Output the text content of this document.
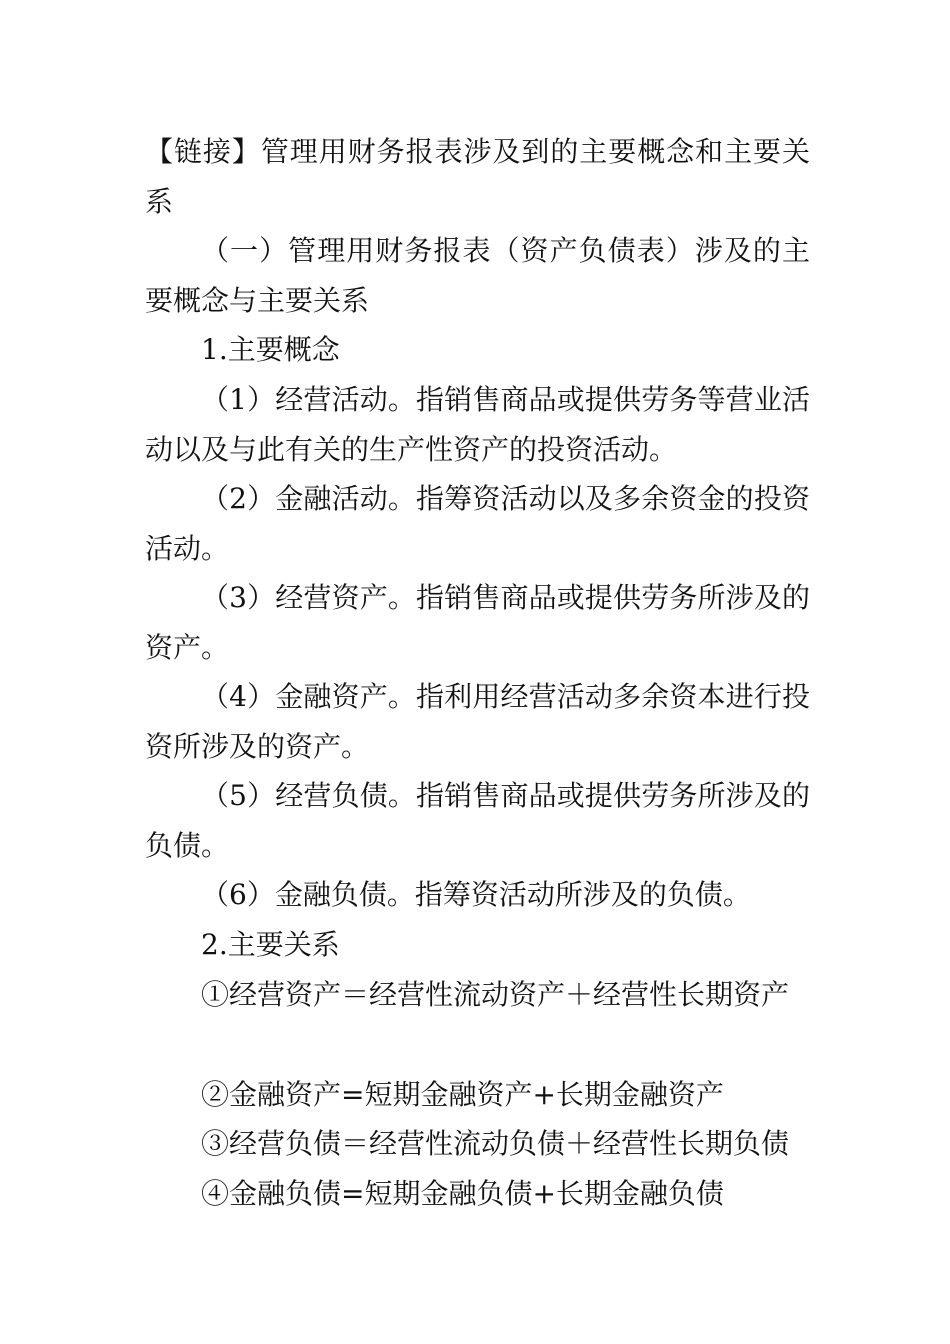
【链接】管理用财务报表涉及到的主要概念和主要关系

（一）管理用财务报表（资产负债表）涉及的主要概念与主要关系

1.主要概念

（1）经营活动。指销售商品或提供劳务等营业活动以及与此有关的生产性资产的投资活动。

（2）金融活动。指筹资活动以及多余资金的投资活动。

（3）经营资产。指销售商品或提供劳务所涉及的资产。

（4）金融资产。指利用经营活动多余资本进行投资所涉及的资产。

（5）经营负债。指销售商品或提供劳务所涉及的负债。

（6）金融负债。指筹资活动所涉及的负债。

2.主要关系

①经营资产＝经营性流动资产＋经营性长期资产

②金融资产=短期金融资产+长期金融资产

③经营负债＝经营性流动负债＋经营性长期负债

④金融负债=短期金融负债+长期金融负债
